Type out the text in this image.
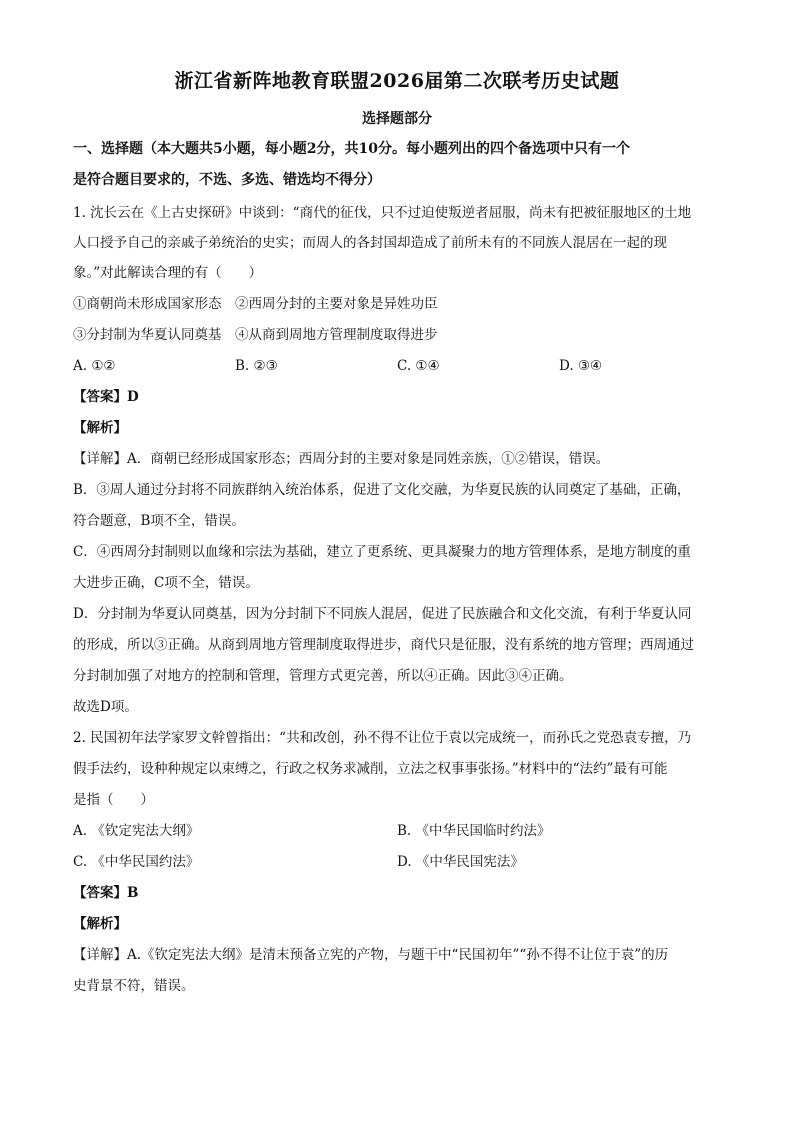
浙江省新阵地教育联盟2026届第二次联考历史试题
选择题部分
一、选择题（本大题共5小题，每小题2分，共10分。每小题列出的四个备选项中只有一个
是符合题目要求的，不选、多选、错选均不得分）
1. 沈长云在《上古史探研》中谈到：“商代的征伐，只不过迫使叛逆者屈服，尚未有把被征服地区的土地
人口授予自己的亲戚子弟统治的史实；而周人的各封国却造成了前所未有的不同族人混居在一起的现
象。”对此解读合理的有（　　）
①商朝尚未形成国家形态　②西周分封的主要对象是异姓功臣
③分封制为华夏认同奠基　④从商到周地方管理制度取得进步
A. ①②	B. ②③	C. ①④	D. ③④
【答案】D
【解析】
【详解】A．商朝已经形成国家形态；西周分封的主要对象是同姓亲族，①②错误，错误。
B．③周人通过分封将不同族群纳入统治体系，促进了文化交融，为华夏民族的认同奠定了基础，正确，
符合题意，B项不全，错误。
C．④西周分封制则以血缘和宗法为基础，建立了更系统、更具凝聚力的地方管理体系，是地方制度的重
大进步正确，C项不全，错误。
D．分封制为华夏认同奠基，因为分封制下不同族人混居，促进了民族融合和文化交流，有利于华夏认同
的形成，所以③正确。从商到周地方管理制度取得进步，商代只是征服，没有系统的地方管理；西周通过
分封制加强了对地方的控制和管理，管理方式更完善，所以④正确。因此③④正确。
故选D项。
2. 民国初年法学家罗文幹曾指出：“共和改创，孙不得不让位于袁以完成统一，而孙氏之党恐袁专擅，乃
假手法约，设种种规定以束缚之，行政之权务求减削，立法之权事事张扬。”材料中的“法约”最有可能
是指（　　）
A. 《钦定宪法大纲》	B. 《中华民国临时约法》
C. 《中华民国约法》	D. 《中华民国宪法》
【答案】B
【解析】
【详解】A.《钦定宪法大纲》是清末预备立宪的产物，与题干中“民国初年”“孙不得不让位于袁”的历
史背景不符，错误。
